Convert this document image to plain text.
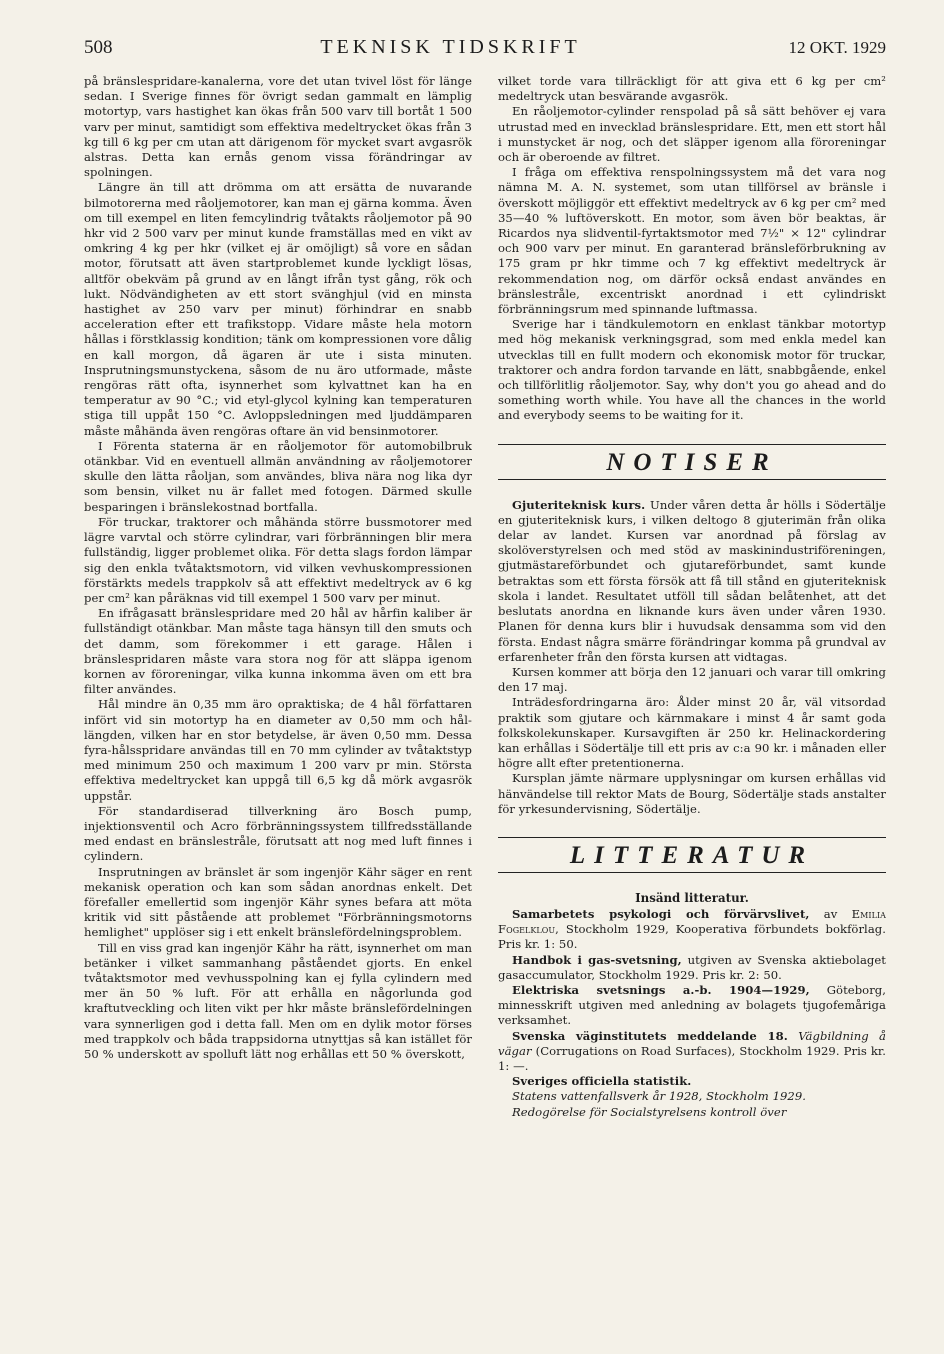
508	TEKNISK TIDSKRIFT	12 OKT. 1929

på bränslespridare-kanalerna, vore det utan tvivel löst för länge sedan. I Sverige finnes för övrigt sedan gammalt en lämplig motortyp, vars hastighet kan ökas från 500 varv till bortåt 1 500 varv per minut, samtidigt som effektiva medeltrycket ökas från 3 kg till 6 kg per cm utan att därigenom för mycket svart avgasrök alstras. Detta kan ernås genom vissa förändringar av spolningen.

Längre än till att drömma om att ersätta de nuvarande bilmotorerna med råoljemotorer, kan man ej gärna komma. Även om till exempel en liten femcylindrig tvåtakts råoljemotor på 90 hkr vid 2 500 varv per minut kunde framställas med en vikt av omkring 4 kg per hkr (vilket ej är omöjligt) så vore en sådan motor, förutsatt att även startproblemet kunde lyckligt lösas, alltför obekväm på grund av en långt ifrån tyst gång, rök och lukt. Nödvändigheten av ett stort svänghjul (vid en minsta hastighet av 250 varv per minut) förhindrar en snabb acceleration efter ett trafikstopp. Vidare måste hela motorn hållas i förstklassig kondition; tänk om kompressionen vore dålig en kall morgon, då ägaren är ute i sista minuten. Insprutningsmunstyckena, såsom de nu äro utformade, måste rengöras rätt ofta, isynnerhet som kylvattnet kan ha en temperatur av 90 °C.; vid etyl-glycol kylning kan temperaturen stiga till uppåt 150 °C. Avloppsledningen med ljuddämparen måste måhända även rengöras oftare än vid bensinmotorer.

I Förenta staterna är en råoljemotor för automobilbruk otänkbar. Vid en eventuell allmän användning av råoljemotorer skulle den lätta råoljan, som användes, bliva nära nog lika dyr som bensin, vilket nu är fallet med fotogen. Därmed skulle besparingen i bränslekostnad bortfalla.

För truckar, traktorer och måhända större bussmotorer med lägre varvtal och större cylindrar, vari förbränningen blir mera fullständig, ligger problemet olika. För detta slags fordon lämpar sig den enkla tvåtaktsmotorn, vid vilken vevhuskompressionen förstärkts medels trappkolv så att effektivt medeltryck av 6 kg per cm² kan påräknas vid till exempel 1 500 varv per minut.

En ifrågasatt bränslespridare med 20 hål av hårfin kaliber är fullständigt otänkbar. Man måste taga hänsyn till den smuts och det damm, som förekommer i ett garage. Hålen i bränslespridaren måste vara stora nog för att släppa igenom kornen av föroreningar, vilka kunna inkomma även om ett bra filter användes.

Hål mindre än 0,35 mm äro opraktiska; de 4 hål författaren infört vid sin motortyp ha en diameter av 0,50 mm och hål-längden, vilken har en stor betydelse, är även 0,50 mm. Dessa fyra-hålsspridare användas till en 70 mm cylinder av tvåtaktstyp med minimum 250 och maximum 1 200 varv pr min. Största effektiva medeltrycket kan uppgå till 6,5 kg då mörk avgasrök uppstår.

För standardiserad tillverkning äro Bosch pump, injektionsventil och Acro förbränningssystem tillfredsställande med endast en bränslestråle, förutsatt att nog med luft finnes i cylindern.

Insprutningen av bränslet är som ingenjör Kähr säger en rent mekanisk operation och kan som sådan anordnas enkelt. Det förefaller emellertid som ingenjör Kähr synes befara att möta kritik vid sitt påstående att problemet "Förbränningsmotorns hemlighet" upplöser sig i ett enkelt bränslefördelningsproblem.

Till en viss grad kan ingenjör Kähr ha rätt, isynnerhet om man betänker i vilket sammanhang påståendet gjorts. En enkel tvåtaktsmotor med vevhusspolning kan ej fylla cylindern med mer än 50 % luft. För att erhålla en någorlunda god kraftutveckling och liten vikt per hkr måste bränslefördelningen vara synnerligen god i detta fall. Men om en dylik motor förses med trappkolv och båda trappsidorna utnyttjas så kan istället för 50 % underskott av spolluft lätt nog erhållas ett 50 % överskott,

vilket torde vara tillräckligt för att giva ett 6 kg per cm² medeltryck utan besvärande avgasrök.

En råoljemotor-cylinder renspolad på så sätt behöver ej vara utrustad med en invecklad bränslespridare. Ett, men ett stort hål i munstycket är nog, och det släpper igenom alla föroreningar och är oberoende av filtret.

I fråga om effektiva renspolningssystem må det vara nog nämna M. A. N. systemet, som utan tillförsel av bränsle i överskott möjliggör ett effektivt medeltryck av 6 kg per cm² med 35—40 % luftöverskott. En motor, som även bör beaktas, är Ricardos nya slidventil-fyrtaktsmotor med 7½" × 12" cylindrar och 900 varv per minut. En garanterad bränsleförbrukning av 175 gram pr hkr timme och 7 kg effektivt medeltryck är rekommendation nog, om därför också endast användes en bränslestråle, excentriskt anordnad i ett cylindriskt förbränningsrum med spinnande luftmassa.

Sverige har i tändkulemotorn en enklast tänkbar motortyp med hög mekanisk verkningsgrad, som med enkla medel kan utvecklas till en fullt modern och ekonomisk motor för truckar, traktorer och andra fordon tarvande en lätt, snabbgående, enkel och tillförlitlig råoljemotor. Say, why don't you go ahead and do something worth while. You have all the chances in the world and everybody seems to be waiting for it.

NOTISER

Gjuteriteknisk kurs. Under våren detta år hölls i Södertälje en gjuteriteknisk kurs, i vilken deltogo 8 gjuterimän från olika delar av landet. Kursen var anordnad på förslag av skolöverstyrelsen och med stöd av maskinindustriföreningen, gjutmästareförbundet och gjutareförbundet, samt kunde betraktas som ett första försök att få till stånd en gjuteriteknisk skola i landet. Resultatet utföll till sådan belåtenhet, att det beslutats anordna en liknande kurs även under våren 1930. Planen för denna kurs blir i huvudsak densamma som vid den första. Endast några smärre förändringar komma på grundval av erfarenheter från den första kursen att vidtagas.

Kursen kommer att börja den 12 januari och varar till omkring den 17 maj.

Inträdesfordringarna äro: Ålder minst 20 år, väl vitsordad praktik som gjutare och kärnmakare i minst 4 år samt goda folkskolekunskaper. Kursavgiften är 250 kr. Helinackordering kan erhållas i Södertälje till ett pris av c:a 90 kr. i månaden eller högre allt efter pretentionerna.

Kursplan jämte närmare upplysningar om kursen erhållas vid hänvändelse till rektor Mats de Bourg, Södertälje stads anstalter för yrkesundervisning, Södertälje.

LITTERATUR
Insänd litteratur.

Samarbetets psykologi och förvärvslivet, av Emilia Fogelklou, Stockholm 1929, Kooperativa förbundets bokförlag. Pris kr. 1: 50.

Handbok i gas-svetsning, utgiven av Svenska aktiebolaget gasaccumulator, Stockholm 1929. Pris kr. 2: 50.

Elektriska svetsnings a.-b. 1904—1929, Göteborg, minnesskrift utgiven med anledning av bolagets tjugofemåriga verksamhet.

Svenska väginstitutets meddelande 18. Vägbildning å vägar (Corrugations on Road Surfaces), Stockholm 1929. Pris kr. 1: —.

Sveriges officiella statistik.

Statens vattenfallsverk år 1928, Stockholm 1929.

Redogörelse för Socialstyrelsens kontroll över
